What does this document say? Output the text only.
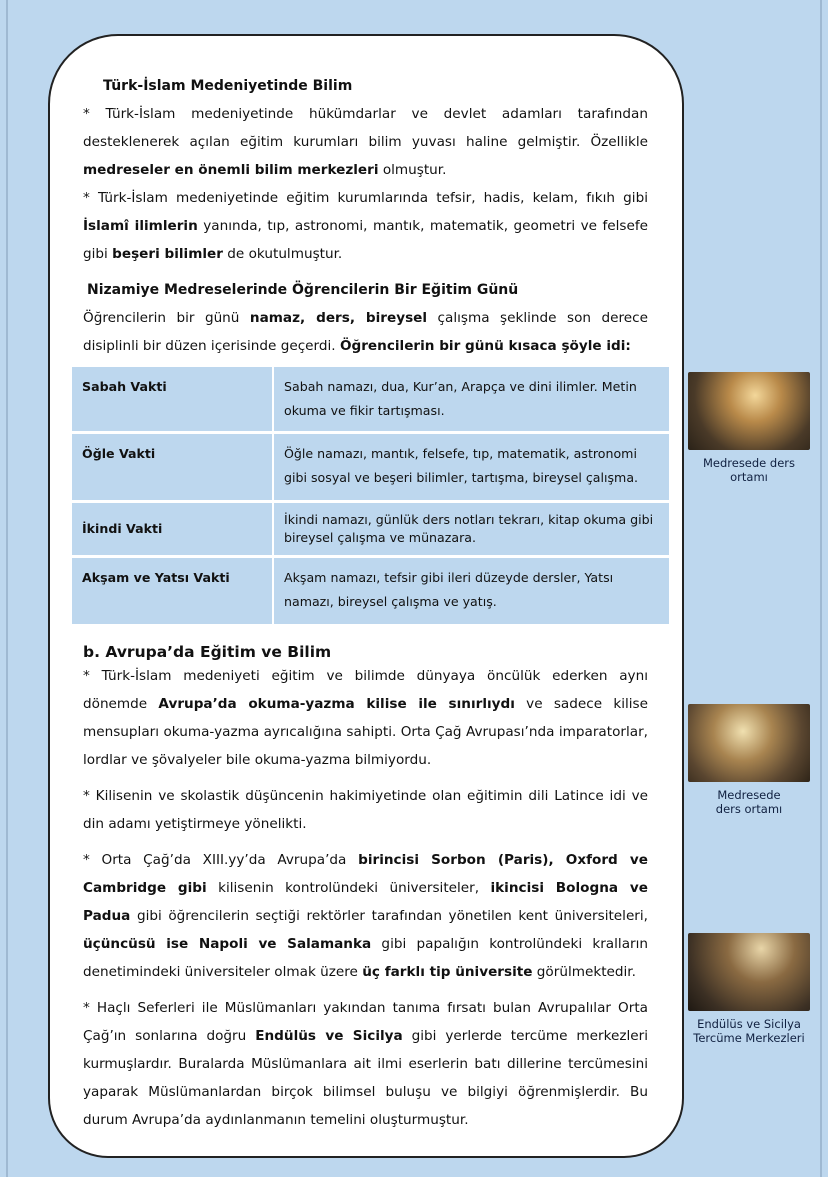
Türk-İslam Medeniyetinde Bilim

* Türk-İslam medeniyetinde hükümdarlar ve devlet adamları tarafından desteklenerek açılan eğitim kurumları bilim yuvası haline gelmiştir. Özellikle medreseler en önemli bilim merkezleri olmuştur.

* Türk-İslam medeniyetinde eğitim kurumlarında tefsir, hadis, kelam, fıkıh gibi İslamî ilimlerin yanında, tıp, astronomi, mantık, matematik, geometri ve felsefe gibi beşeri bilimler de okutulmuştur.

Nizamiye Medreselerinde Öğrencilerin Bir Eğitim Günü

Öğrencilerin bir günü namaz, ders, bireysel çalışma şeklinde son derece disiplinli bir düzen içerisinde geçerdi. Öğrencilerin bir günü kısaca şöyle idi:

Sabah Vakti	Sabah namazı, dua, Kur’an, Arapça ve dini ilimler. Metin okuma ve fikir tartışması.
Öğle Vakti	Öğle namazı, mantık, felsefe, tıp, matematik, astronomi gibi sosyal ve beşeri bilimler, tartışma, bireysel çalışma.
İkindi Vakti	İkindi namazı, günlük ders notları tekrarı, kitap okuma gibi bireysel çalışma ve münazara.
Akşam ve Yatsı Vakti	Akşam namazı, tefsir gibi ileri düzeyde dersler, Yatsı namazı, bireysel çalışma ve yatış.
b. Avrupa’da Eğitim ve Bilim

* Türk-İslam medeniyeti eğitim ve bilimde dünyaya öncülük ederken aynı dönemde Avrupa’da okuma-yazma kilise ile sınırlıydı ve sadece kilise mensupları okuma-yazma ayrıcalığına sahipti. Orta Çağ Avrupası’nda imparatorlar, lordlar ve şövalyeler bile okuma-yazma bilmiyordu.

* Kilisenin ve skolastik düşüncenin hakimiyetinde olan eğitimin dili Latince idi ve din adamı yetiştirmeye yönelikti.

* Orta Çağ’da XIII.yy’da Avrupa’da birincisi Sorbon (Paris), Oxford ve Cambridge gibi kilisenin kontrolündeki üniversiteler, ikincisi Bologna ve Padua gibi öğrencilerin seçtiği rektörler tarafından yönetilen kent üniversiteleri, üçüncüsü ise Napoli ve Salamanka gibi papalığın kontrolündeki kralların denetimindeki üniversiteler olmak üzere üç farklı tip üniversite görülmektedir.

* Haçlı Seferleri ile Müslümanları yakından tanıma fırsatı bulan Avrupalılar Orta Çağ’ın sonlarına doğru Endülüs ve Sicilya gibi yerlerde tercüme merkezleri kurmuşlardır. Buralarda Müslümanlara ait ilmi eserlerin batı dillerine tercümesini yaparak Müslümanlardan birçok bilimsel buluşu ve bilgiyi öğrenmişlerdir. Bu durum Avrupa’da aydınlanmanın temelini oluşturmuştur.

Medresede ders ortamı
Medresede ders ortamı
Endülüs ve Sicilya Tercüme Merkezleri
